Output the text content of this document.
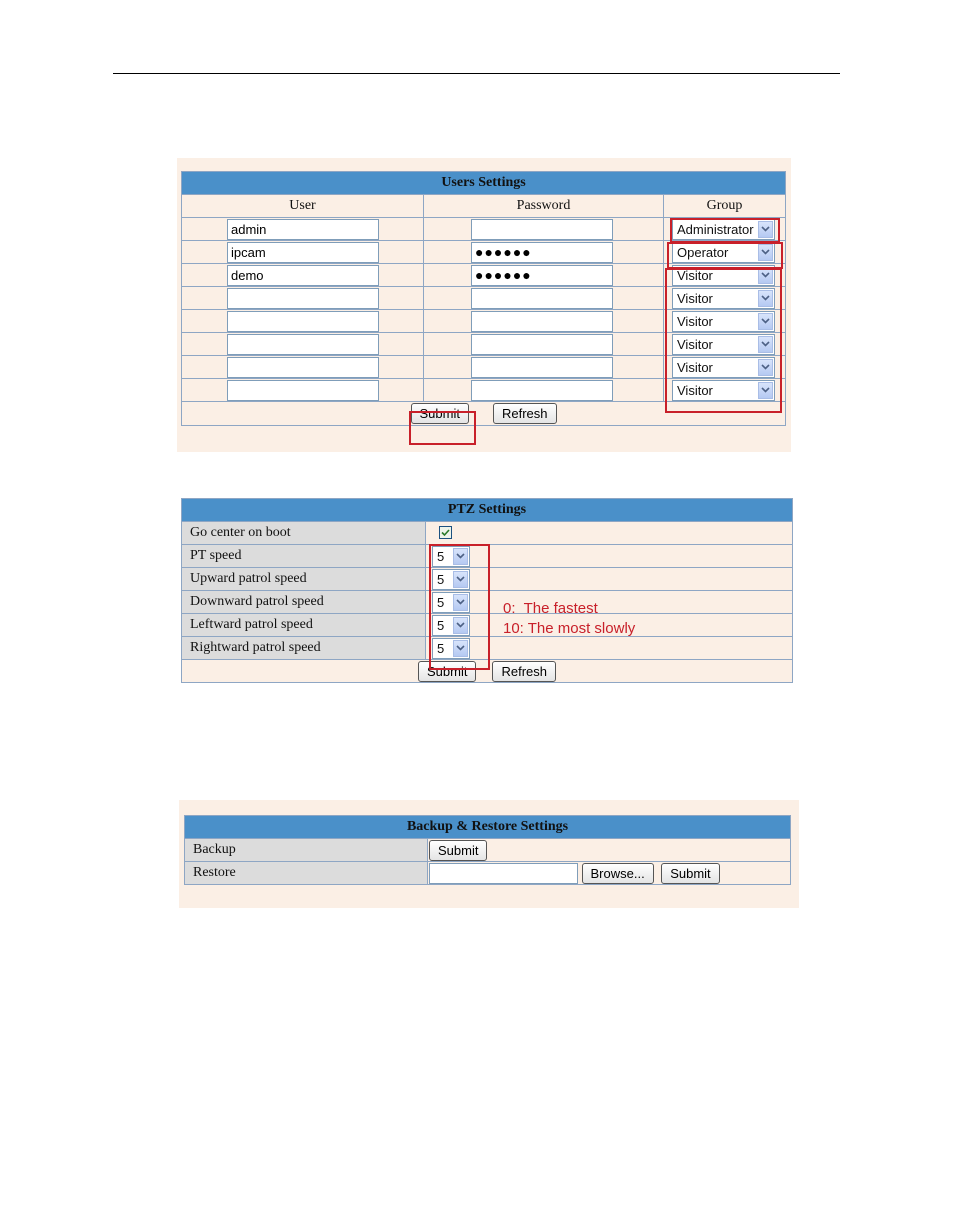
Users Settings		
User	Password	Group
admin		Administrator

ipcam	●●●●●●	Operator

demo	●●●●●●	Visitor

		Visitor

		Visitor

		Visitor

		Visitor

		Visitor

Submit Refresh		
PTZ Settings	
Go center on boot	

PT speed	5

Upward patrol speed	5

Downward patrol speed	5

Leftward patrol speed	5

Rightward patrol speed	5

Submit Refresh	
0:  The fastest
10: The most slowly
Backup & Restore Settings	
Backup	Submit
Restore	Browse... Submit
